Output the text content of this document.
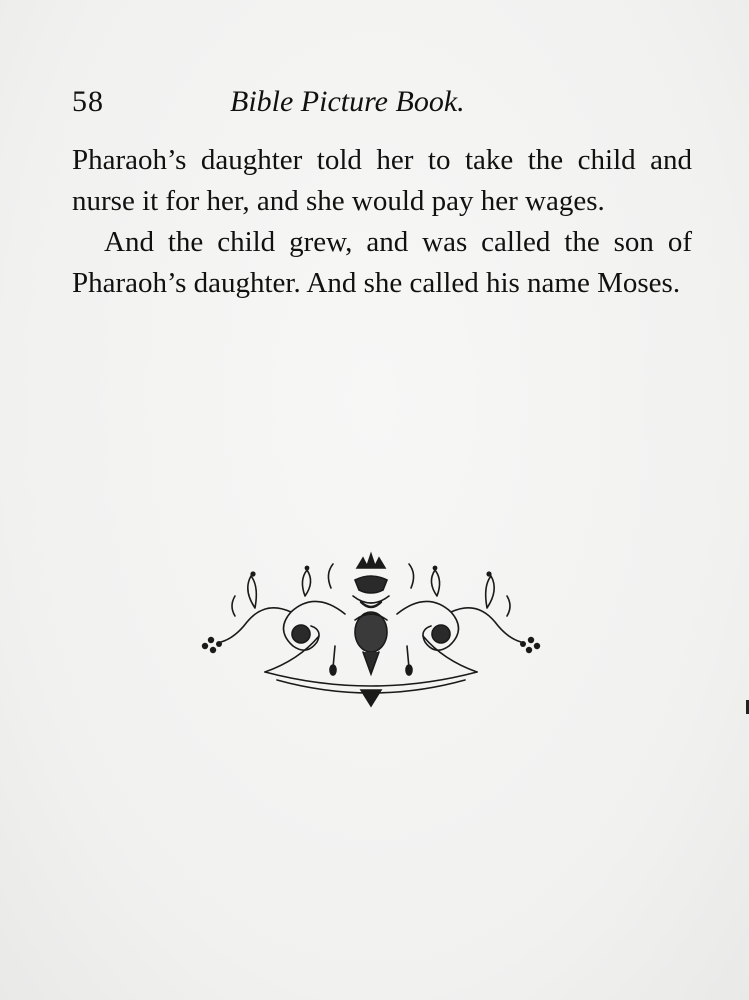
58	Bible Picture Book.

Pharaoh’s daughter told her to take the child and nurse it for her, and she would pay her wages.

And the child grew, and was called the son of Pharaoh’s daughter. And she called his name Moses.
